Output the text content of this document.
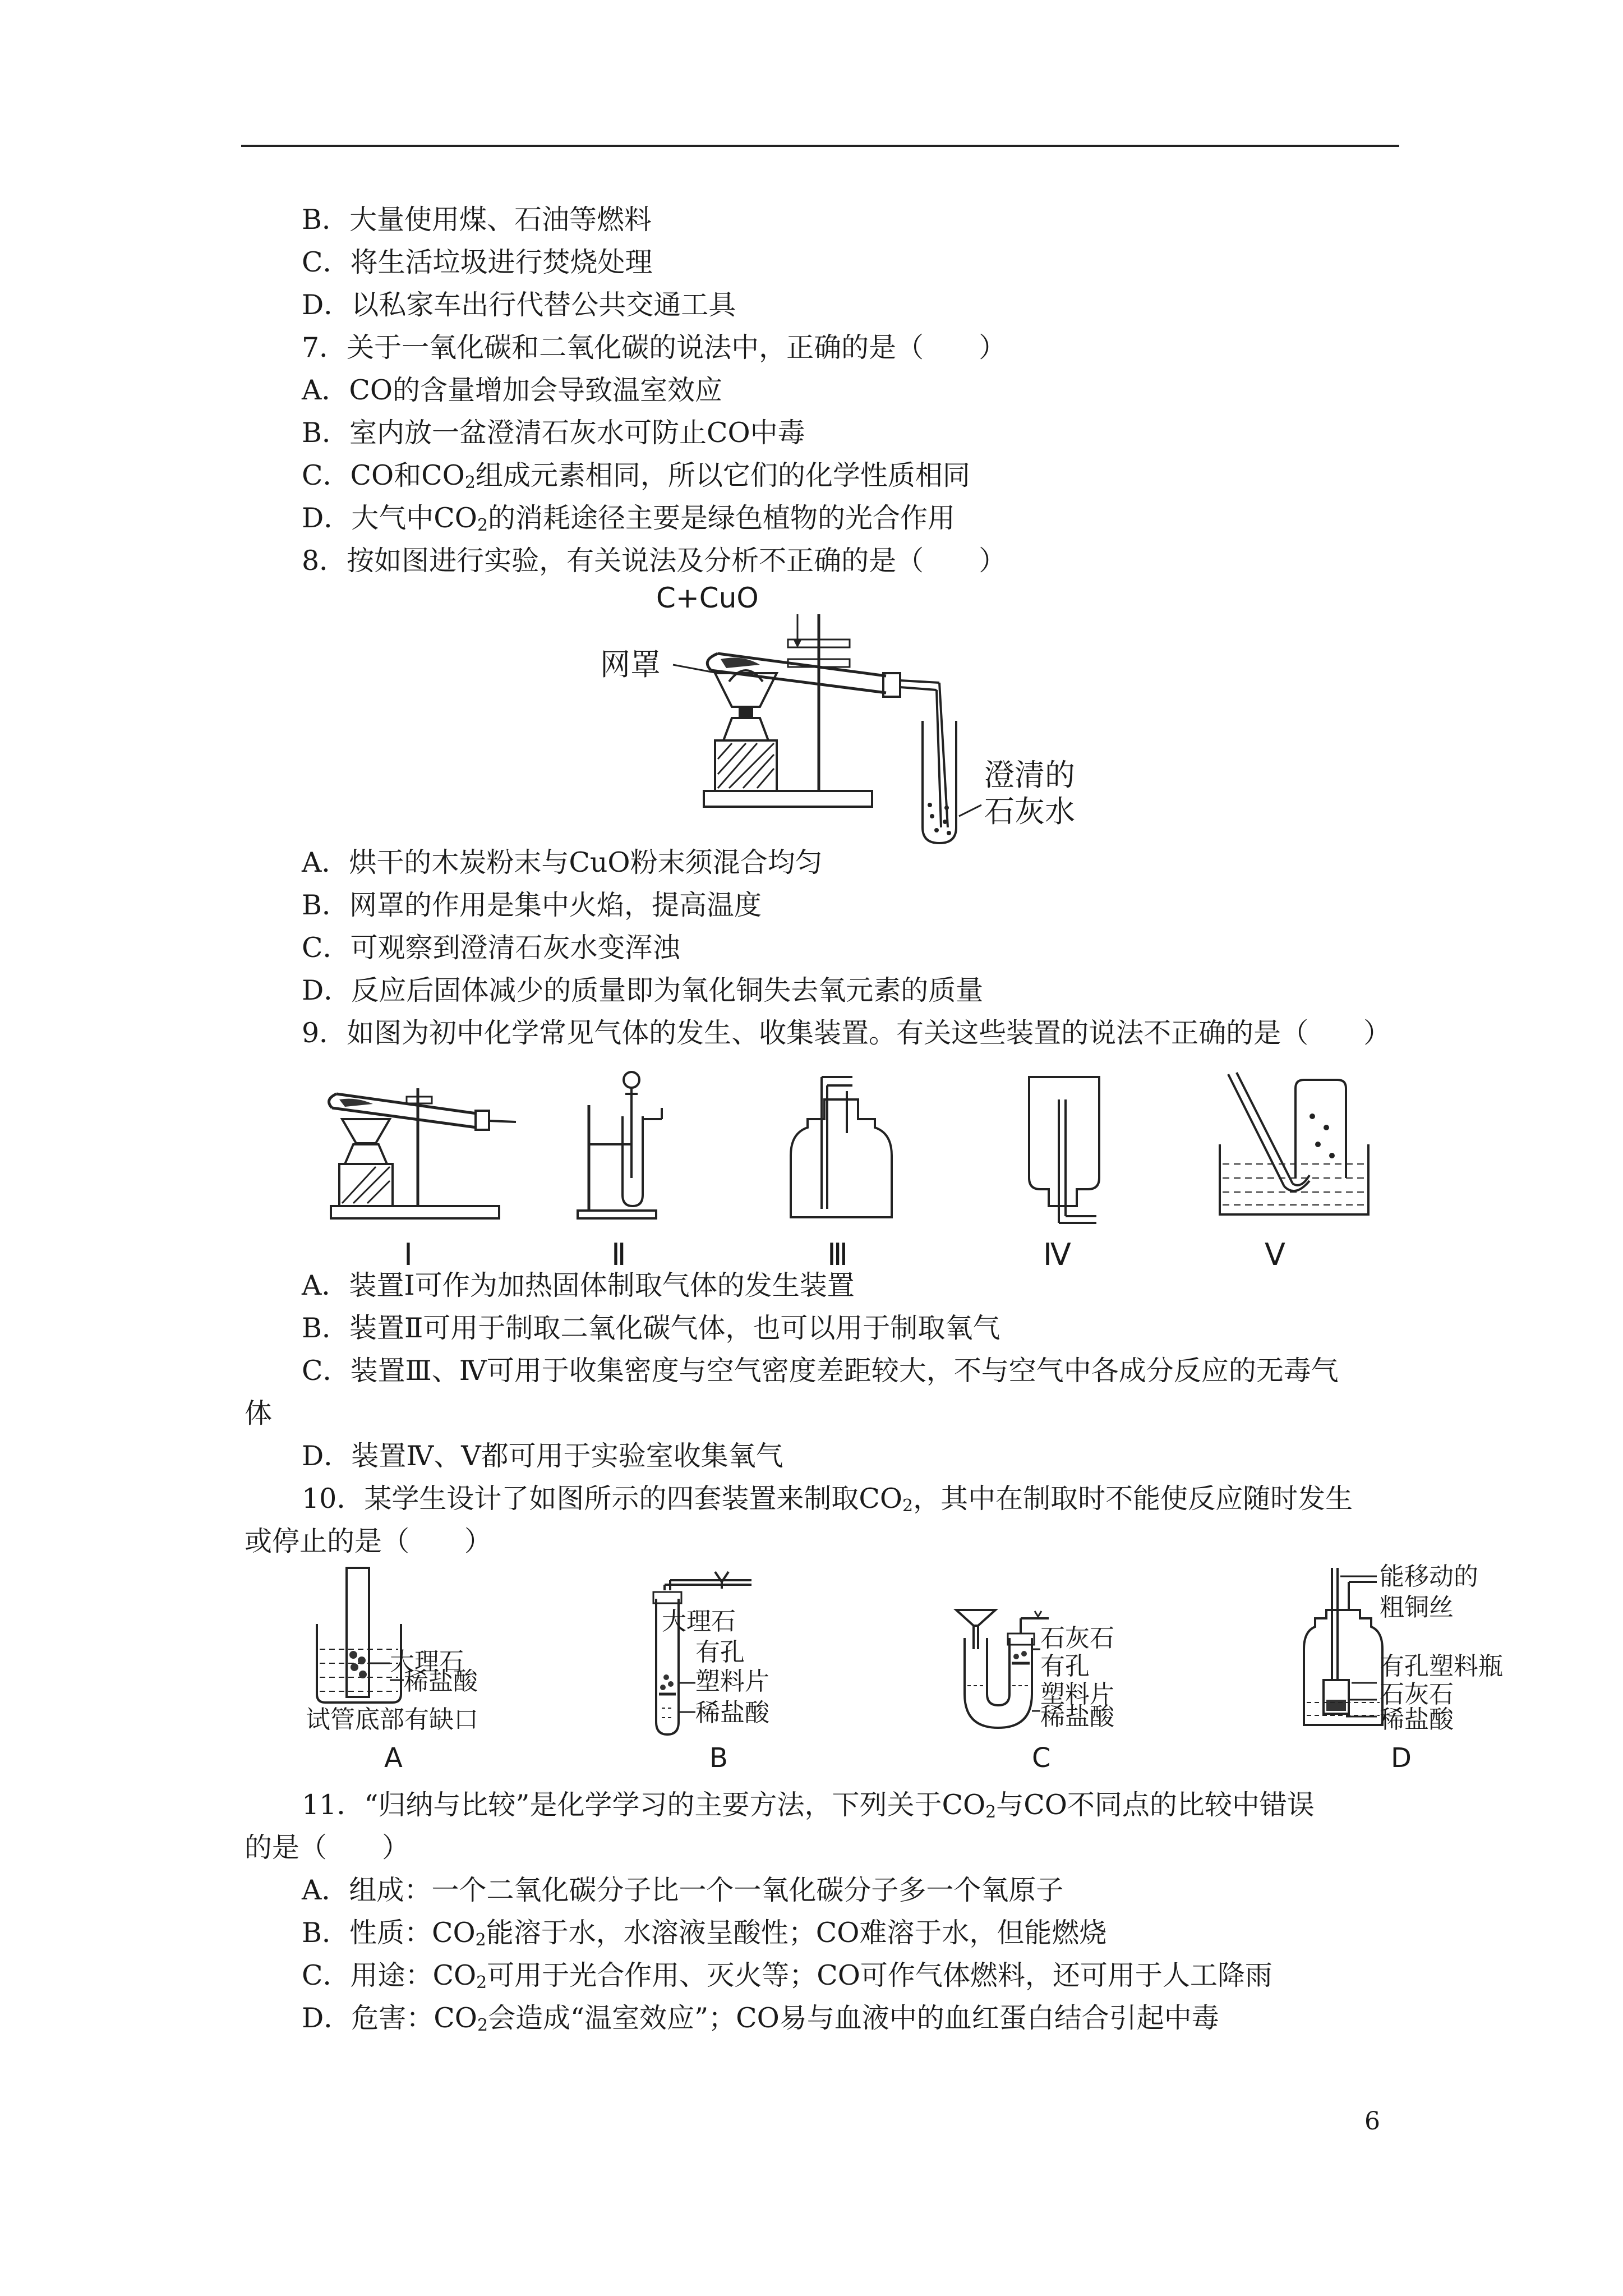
B．大量使用煤、石油等燃料
C．将生活垃圾进行焚烧处理
D．以私家车出行代替公共交通工具
7．关于一氧化碳和二氧化碳的说法中，正确的是（　　）
A．CO的含量增加会导致温室效应
B．室内放一盆澄清石灰水可防止CO中毒
C．CO和$CO_2$组成元素相同，所以它们的化学性质相同
D．大气中$CO_2$的消耗途径主要是绿色植物的光合作用
8．按如图进行实验，有关说法及分析不正确的是（　　）
C+CuO
网罩
澄清的
石灰水
A．烘干的木炭粉末与CuO粉末须混合均匀
B．网罩的作用是集中火焰，提高温度
C．可观察到澄清石灰水变浑浊
D．反应后固体减少的质量即为氧化铜失去氧元素的质量
9．如图为初中化学常见气体的发生、收集装置。有关这些装置的说法不正确的是（　　）
Ⅰ	Ⅱ	Ⅲ	Ⅳ	Ⅴ
A．装置Ⅰ可作为加热固体制取气体的发生装置
B．装置Ⅱ可用于制取二氧化碳气体，也可以用于制取氧气
C．装置Ⅲ、Ⅳ可用于收集密度与空气密度差距较大，不与空气中各成分反应的无毒气
体
D．装置Ⅳ、Ⅴ都可用于实验室收集氧气
10．某学生设计了如图所示的四套装置来制取$CO_2$，其中在制取时不能使反应随时发生
或停止的是（　　）
大理石
稀盐酸
试管底部有缺口
A
大理石
有孔
塑料片
稀盐酸
B
石灰石
有孔
塑料片
稀盐酸
C
能移动的
粗铜丝
有孔塑料瓶
石灰石
稀盐酸
D
11．“归纳与比较”是化学学习的主要方法，下列关于$CO_2$与CO不同点的比较中错误
的是（　　）
A．组成：一个二氧化碳分子比一个一氧化碳分子多一个氧原子
B．性质：$CO_2$能溶于水，水溶液呈酸性；CO难溶于水，但能燃烧
C．用途：$CO_2$可用于光合作用、灭火等；CO可作气体燃料，还可用于人工降雨
D．危害：$CO_2$会造成“温室效应”；CO易与血液中的血红蛋白结合引起中毒
6
